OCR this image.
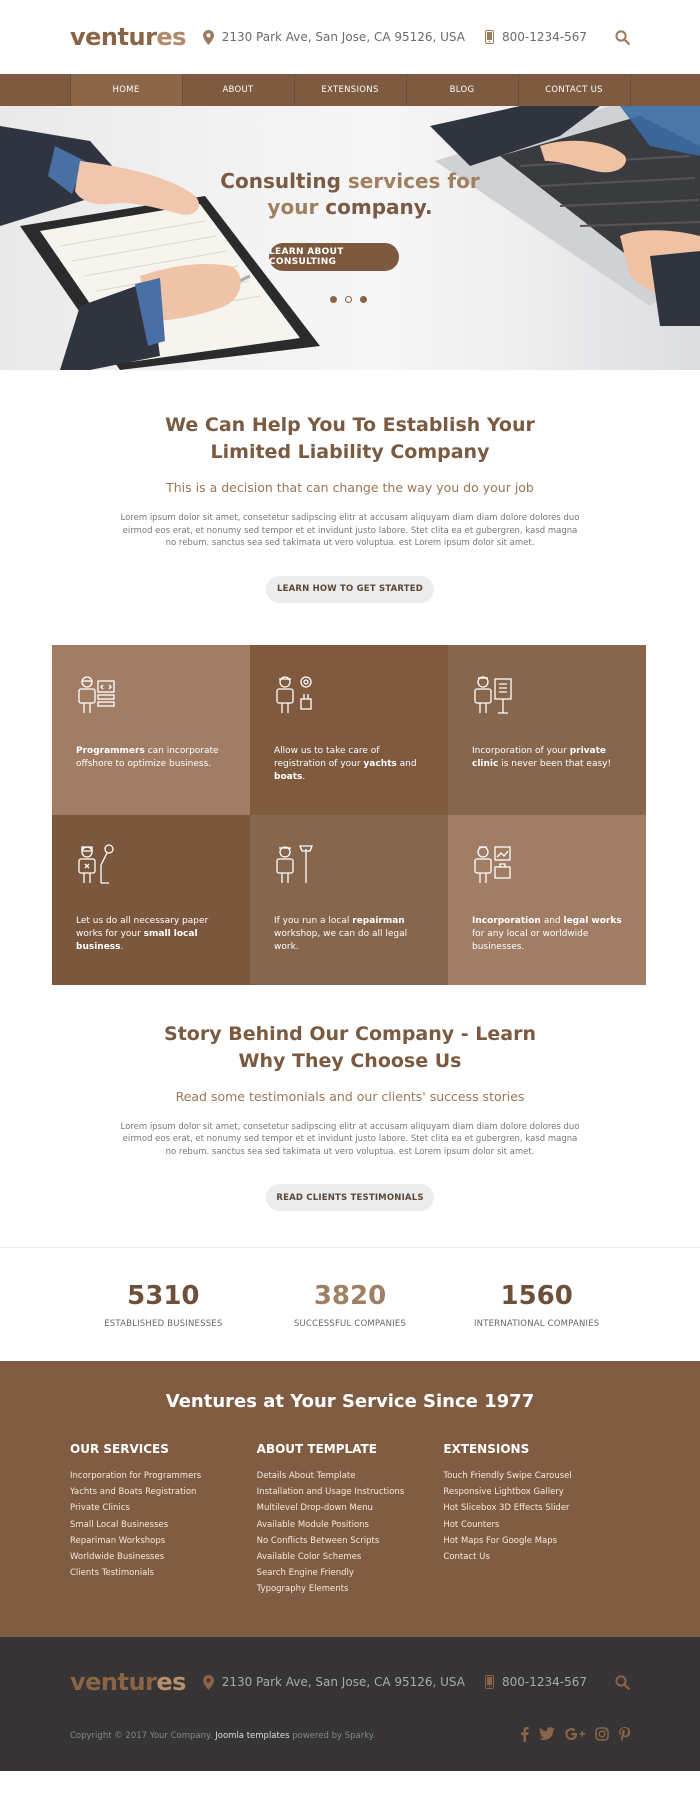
ventures	2130 Park Ave, San Jose, CA 95126, USA	800-1234-567
HOME	ABOUT	EXTENSIONS	BLOG	CONTACT US
Consulting services for
your company.
LEARN ABOUT CONSULTING
We Can Help You To Establish Your
Limited Liability Company
This is a decision that can change the way you do your job
Lorem ipsum dolor sit amet, consetetur sadipscing elitr at accusam aliquyam diam diam dolore dolores duo eirmod eos erat, et nonumy sed tempor et et invidunt justo labore. Stet clita ea et gubergren, kasd magna no rebum. sanctus sea sed takimata ut vero voluptua. est Lorem ipsum dolor sit amet.
LEARN HOW TO GET STARTED
Programmers can incorporate offshore to optimize business.
Allow us to take care of registration of your yachts and boats.
Incorporation of your private clinic is never been that easy!
Let us do all necessary paper works for your small local business.
If you run a local repairman workshop, we can do all legal work.
Incorporation and legal works for any local or worldwide businesses.
Story Behind Our Company - Learn
Why They Choose Us
Read some testimonials and our clients' success stories
Lorem ipsum dolor sit amet, consetetur sadipscing elitr at accusam aliquyam diam diam dolore dolores duo eirmod eos erat, et nonumy sed tempor et et invidunt justo labore. Stet clita ea et gubergren, kasd magna no rebum. sanctus sea sed takimata ut vero voluptua. est Lorem ipsum dolor sit amet.
READ CLIENTS TESTIMONIALS
5310
ESTABLISHED BUSINESSES
3820
SUCCESSFUL COMPANIES
1560
INTERNATIONAL COMPANIES
Ventures at Your Service Since 1977
OUR SERVICES
Incorporation for Programmers
Yachts and Boats Registration
Private Clinics
Small Local Businesses
Repariman Workshops
Worldwide Businesses
Clients Testimonials
ABOUT TEMPLATE
Details About Template
Installation and Usage Instructions
Multilevel Drop-down Menu
Available Module Positions
No Conflicts Between Scripts
Available Color Schemes
Search Engine Friendly
Typography Elements
EXTENSIONS
Touch Friendly Swipe Carousel
Responsive Lightbox Gallery
Hot Slicebox 3D Effects Slider
Hot Counters
Hot Maps For Google Maps
Contact Us
ventures	2130 Park Ave, San Jose, CA 95126, USA	800-1234-567
Copyright © 2017 Your Company. Joomla templates powered by Sparky.
